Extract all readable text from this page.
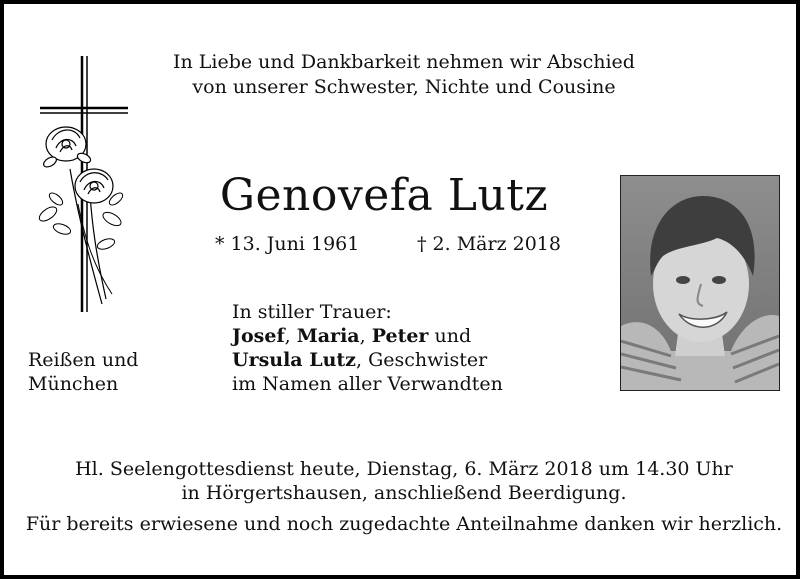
In Liebe und Dankbarkeit nehmen wir Abschied
von unserer Schwester, Nichte und Cousine
Genovefa Lutz
* 13. Juni 1961	† 2. März 2018
In stiller Trauer:
Josef, Maria, Peter und
Ursula Lutz, Geschwister
im Namen aller Verwandten
Reißen und
München
Hl. Seelengottesdienst heute, Dienstag, 6. März 2018 um 14.30 Uhr
in Hörgertshausen, anschließend Beerdigung.
Für bereits erwiesene und noch zugedachte Anteilnahme danken wir herzlich.
